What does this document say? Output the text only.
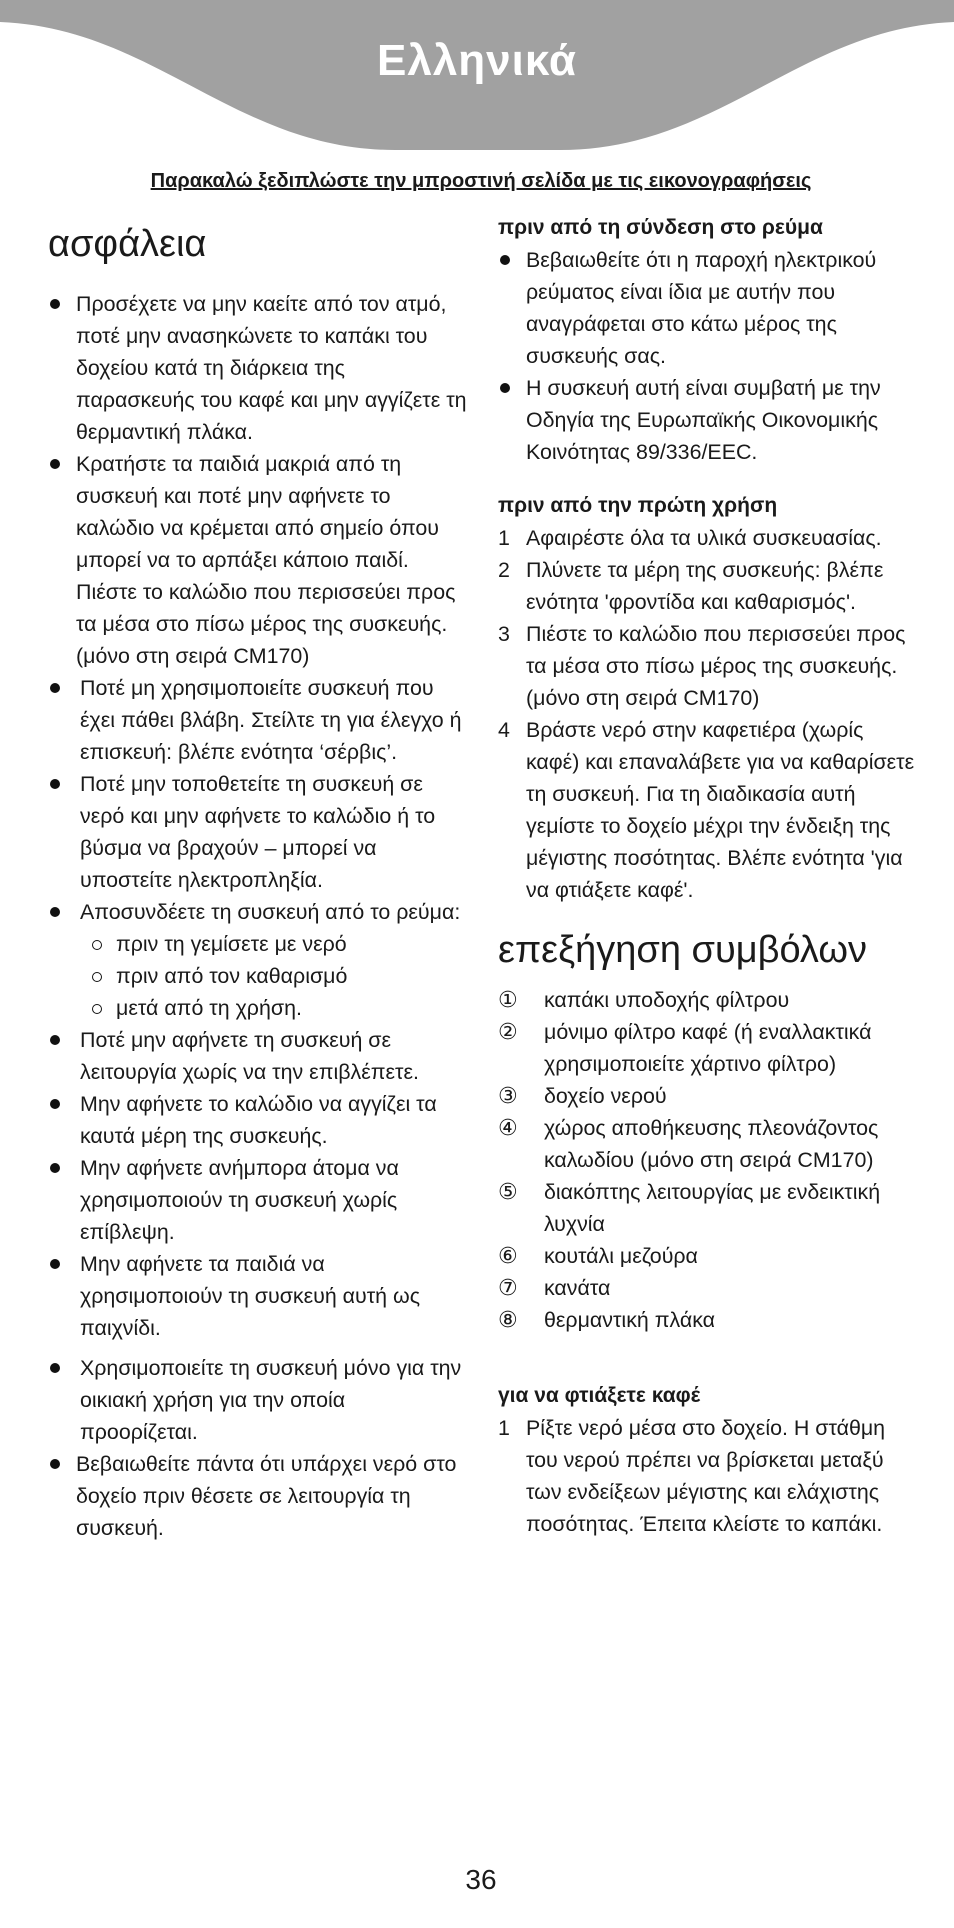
Ελληνικά
Παρακαλώ ξεδιπλώστε την μπροστινή σελίδα με τις εικονογραφήσεις
ασφάλεια
Προσέχετε να μην καείτε από τον ατμό, ποτέ μην ανασηκώνετε το καπάκι του δοχείου κατά τη διάρκεια της παρασκευής του καφέ και μην αγγίζετε τη θερμαντική πλάκα.
Κρατήστε τα παιδιά μακριά από τη συσκευή και ποτέ μην αφήνετε το καλώδιο να κρέμεται από σημείο όπου μπορεί να το αρπάξει κάποιο παιδί. Πιέστε το καλώδιο που περισσεύει προς τα μέσα στο πίσω μέρος της συσκευής. (μόνο στη σειρά CM170)
Ποτέ μη χρησιμοποιείτε συσκευή που έχει πάθει βλάβη. Στείλτε τη για έλεγχο ή επισκευή: βλέπε ενότητα ‘σέρβις’.
Ποτέ μην τοποθετείτε τη συσκευή σε νερό και μην αφήνετε το καλώδιο ή το βύσμα να βραχούν – μπορεί να υποστείτε ηλεκτροπληξία.
Αποσυνδέετε τη συσκευή από το ρεύμα:
πριν τη γεμίσετε με νερό
πριν από τον καθαρισμό
μετά από τη χρήση.
Ποτέ μην αφήνετε τη συσκευή σε λειτουργία χωρίς να την επιβλέπετε.
Μην αφήνετε το καλώδιο να αγγίζει τα καυτά μέρη της συσκευής.
Μην αφήνετε ανήμπορα άτομα να χρησιμοποιούν τη συσκευή χωρίς επίβλεψη.
Μην αφήνετε τα παιδιά να χρησιμοποιούν τη συσκευή αυτή ως παιχνίδι.
Χρησιμοποιείτε τη συσκευή μόνο για την οικιακή χρήση για την οποία προορίζεται.
Βεβαιωθείτε πάντα ότι υπάρχει νερό στο δοχείο πριν θέσετε σε λειτουργία τη συσκευή.
πριν από τη σύνδεση στο ρεύμα
Βεβαιωθείτε ότι η παροχή ηλεκτρικού ρεύματος είναι ίδια με αυτήν που αναγράφεται στο κάτω μέρος της συσκευής σας.
Η συσκευή αυτή είναι συμβατή με την Οδηγία της Ευρωπαϊκής Οικονομικής Κοινότητας 89/336/EEC.
πριν από την πρώτη χρήση
1 Αφαιρέστε όλα τα υλικά συσκευασίας.
2 Πλύνετε τα μέρη της συσκευής: βλέπε ενότητα 'φροντίδα και καθαρισμός'.
3 Πιέστε το καλώδιο που περισσεύει προς τα μέσα στο πίσω μέρος της συσκευής. (μόνο στη σειρά CM170)
4 Βράστε νερό στην καφετιέρα (χωρίς καφέ) και επαναλάβετε για να καθαρίσετε τη συσκευή. Για τη διαδικασία αυτή γεμίστε το δοχείο μέχρι την ένδειξη της μέγιστης ποσότητας. Βλέπε ενότητα 'για να φτιάξετε καφέ'.
επεξήγηση συμβόλων
① καπάκι υποδοχής φίλτρου
② μόνιμο φίλτρο καφέ (ή εναλλακτικά χρησιμοποιείτε χάρτινο φίλτρο)
③ δοχείο νερού
④ χώρος αποθήκευσης πλεονάζοντος καλωδίου (μόνο στη σειρά CM170)
⑤ διακόπτης λειτουργίας με ενδεικτική λυχνία
⑥ κουτάλι μεζούρα
⑦ κανάτα
⑧ θερμαντική πλάκα
για να φτιάξετε καφέ
1 Ρίξτε νερό μέσα στο δοχείο. Η στάθμη του νερού πρέπει να βρίσκεται μεταξύ των ενδείξεων μέγιστης και ελάχιστης ποσότητας. Έπειτα κλείστε το καπάκι.
36
